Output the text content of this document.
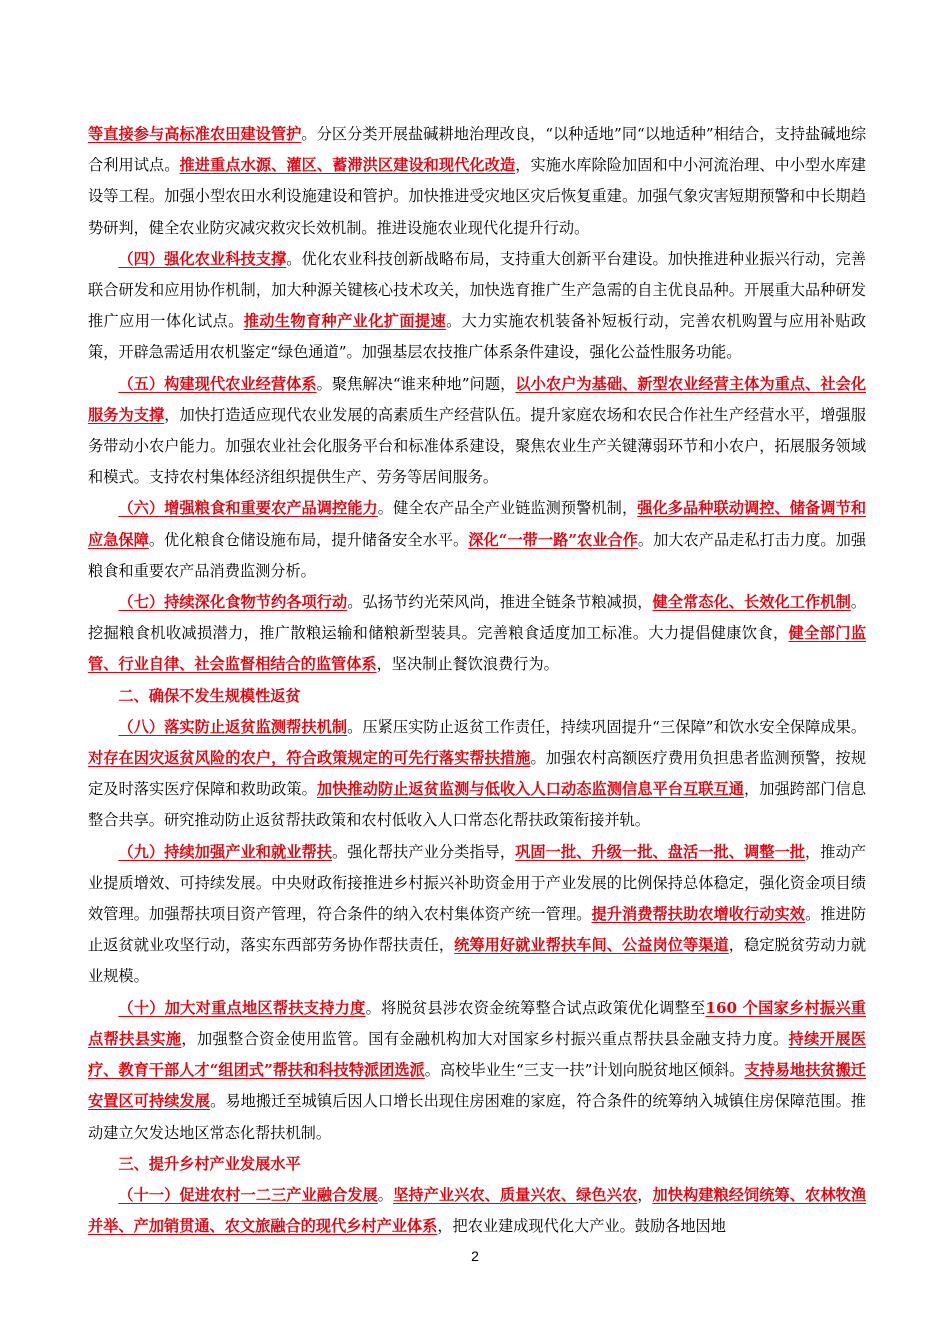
等直接参与高标准农田建设管护。分区分类开展盐碱耕地治理改良，“以种适地”同“以地适种”相结合，支持盐碱地综合利用试点。推进重点水源、灌区、蓄滞洪区建设和现代化改造，实施水库除险加固和中小河流治理、中小型水库建设等工程。加强小型农田水利设施建设和管护。加快推进受灾地区灾后恢复重建。加强气象灾害短期预警和中长期趋势研判，健全农业防灾减灾救灾长效机制。推进设施农业现代化提升行动。

（四）强化农业科技支撑。优化农业科技创新战略布局，支持重大创新平台建设。加快推进种业振兴行动，完善联合研发和应用协作机制，加大种源关键核心技术攻关，加快选育推广生产急需的自主优良品种。开展重大品种研发推广应用一体化试点。推动生物育种产业化扩面提速。大力实施农机装备补短板行动，完善农机购置与应用补贴政策，开辟急需适用农机鉴定“绿色通道”。加强基层农技推广体系条件建设，强化公益性服务功能。

（五）构建现代农业经营体系。聚焦解决“谁来种地”问题，以小农户为基础、新型农业经营主体为重点、社会化服务为支撑，加快打造适应现代农业发展的高素质生产经营队伍。提升家庭农场和农民合作社生产经营水平，增强服务带动小农户能力。加强农业社会化服务平台和标准体系建设，聚焦农业生产关键薄弱环节和小农户，拓展服务领域和模式。支持农村集体经济组织提供生产、劳务等居间服务。

（六）增强粮食和重要农产品调控能力。健全农产品全产业链监测预警机制，强化多品种联动调控、储备调节和应急保障。优化粮食仓储设施布局，提升储备安全水平。深化“一带一路”农业合作。加大农产品走私打击力度。加强粮食和重要农产品消费监测分析。

（七）持续深化食物节约各项行动。弘扬节约光荣风尚，推进全链条节粮减损，健全常态化、长效化工作机制。挖掘粮食机收减损潜力，推广散粮运输和储粮新型装具。完善粮食适度加工标准。大力提倡健康饮食，健全部门监管、行业自律、社会监督相结合的监管体系，坚决制止餐饮浪费行为。

二、确保不发生规模性返贫

（八）落实防止返贫监测帮扶机制。压紧压实防止返贫工作责任，持续巩固提升“三保障”和饮水安全保障成果。对存在因灾返贫风险的农户，符合政策规定的可先行落实帮扶措施。加强农村高额医疗费用负担患者监测预警，按规定及时落实医疗保障和救助政策。加快推动防止返贫监测与低收入人口动态监测信息平台互联互通，加强跨部门信息整合共享。研究推动防止返贫帮扶政策和农村低收入人口常态化帮扶政策衔接并轨。

（九）持续加强产业和就业帮扶。强化帮扶产业分类指导，巩固一批、升级一批、盘活一批、调整一批，推动产业提质增效、可持续发展。中央财政衔接推进乡村振兴补助资金用于产业发展的比例保持总体稳定，强化资金项目绩效管理。加强帮扶项目资产管理，符合条件的纳入农村集体资产统一管理。提升消费帮扶助农增收行动实效。推进防止返贫就业攻坚行动，落实东西部劳务协作帮扶责任，统筹用好就业帮扶车间、公益岗位等渠道，稳定脱贫劳动力就业规模。

（十）加大对重点地区帮扶支持力度。将脱贫县涉农资金统筹整合试点政策优化调整至160 个国家乡村振兴重点帮扶县实施，加强整合资金使用监管。国有金融机构加大对国家乡村振兴重点帮扶县金融支持力度。持续开展医疗、教育干部人才“组团式”帮扶和科技特派团选派。高校毕业生“三支一扶”计划向脱贫地区倾斜。支持易地扶贫搬迁安置区可持续发展。易地搬迁至城镇后因人口增长出现住房困难的家庭，符合条件的统筹纳入城镇住房保障范围。推动建立欠发达地区常态化帮扶机制。

三、提升乡村产业发展水平

（十一）促进农村一二三产业融合发展。坚持产业兴农、质量兴农、绿色兴农，加快构建粮经饲统筹、农林牧渔并举、产加销贯通、农文旅融合的现代乡村产业体系，把农业建成现代化大产业。鼓励各地因地

2
